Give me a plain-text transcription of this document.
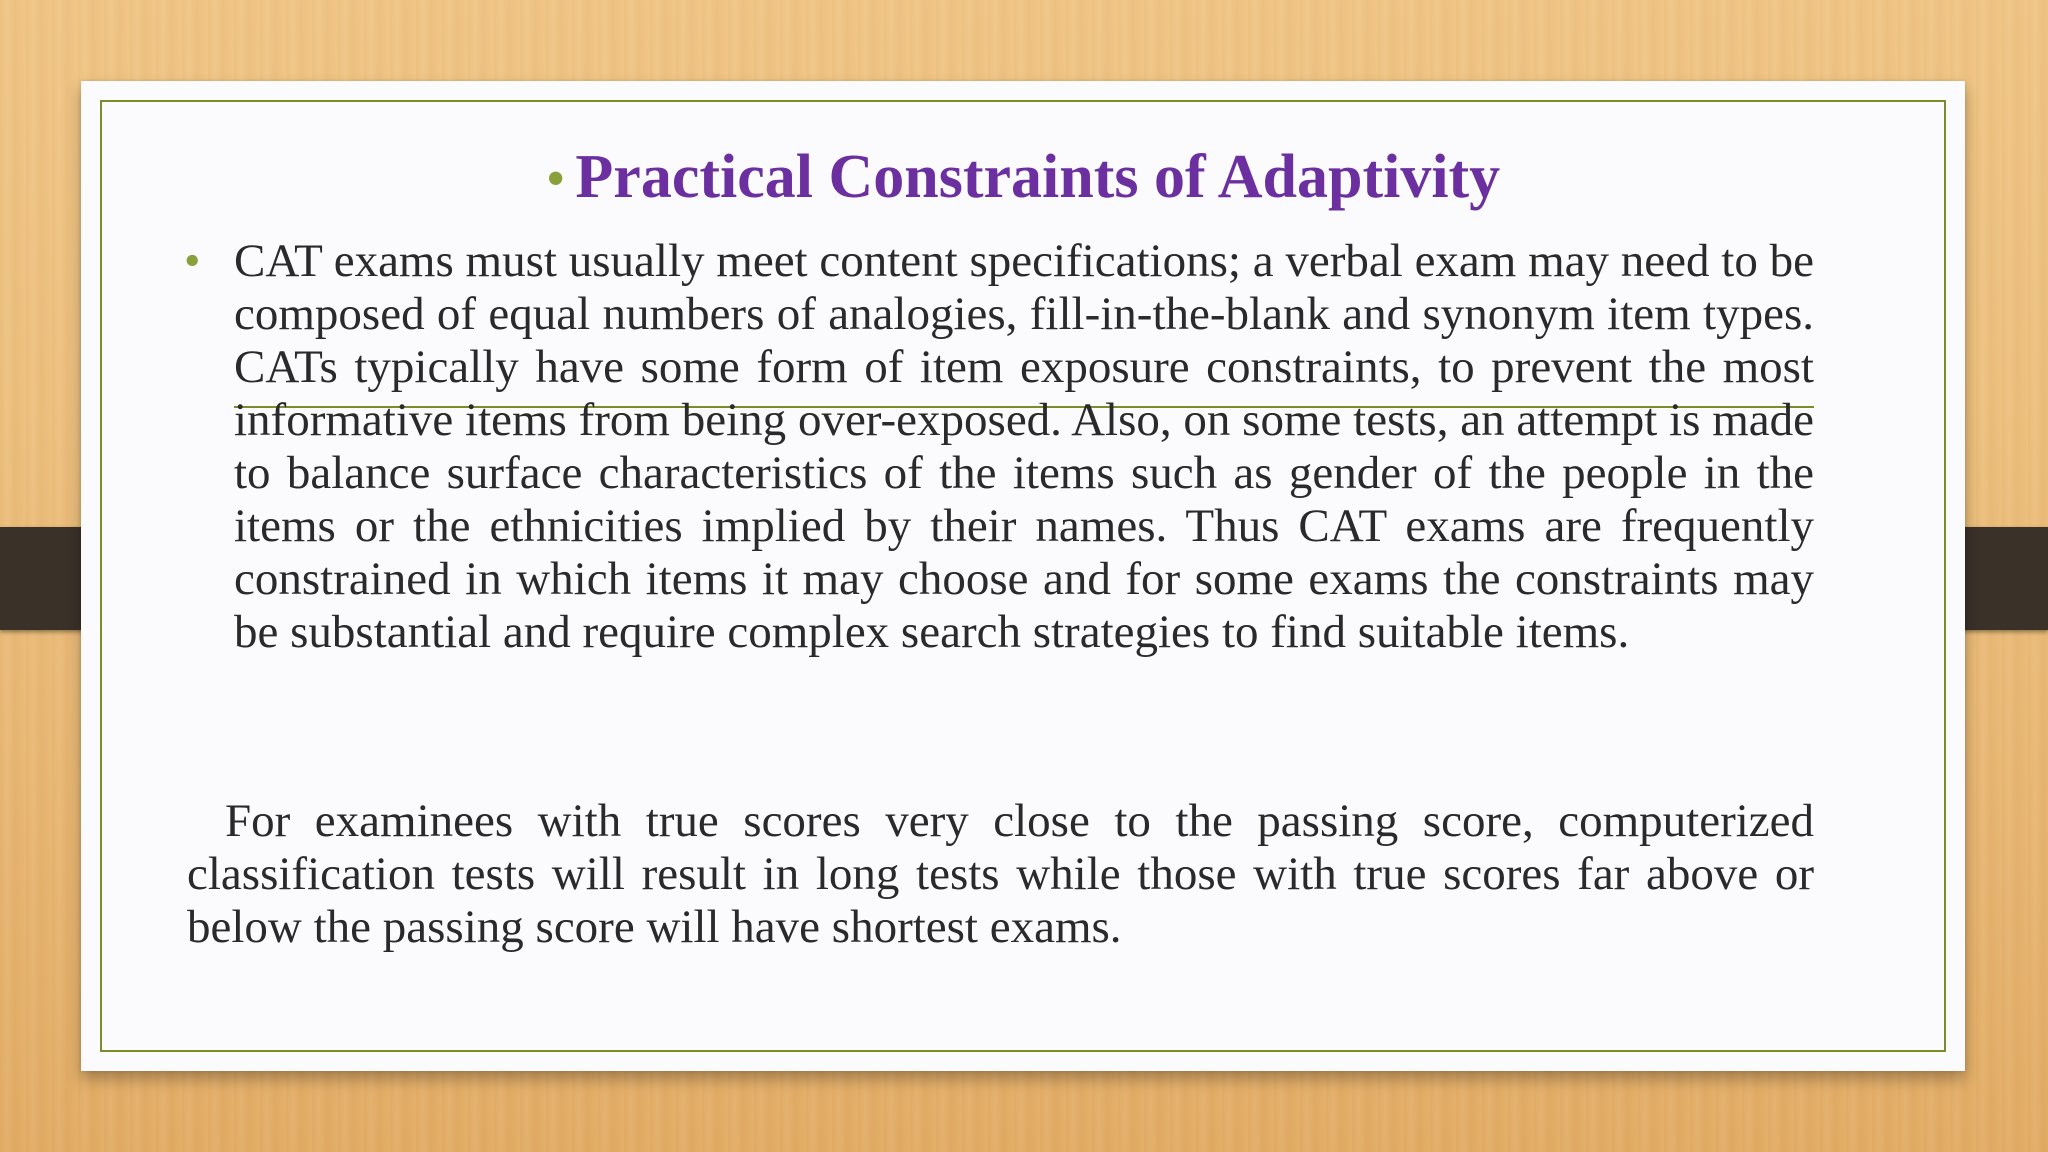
• Practical Constraints of Adaptivity

• CAT exams must usually meet content specifications; a verbal exam may need to be composed of equal numbers of analogies, fill-in-the-blank and synonym item types. CATs typically have some form of item exposure constraints, to prevent the most informative items from being over-exposed. Also, on some tests, an attempt is made to balance surface characteristics of the items such as gender of the people in the items or the ethnicities implied by their names. Thus CAT exams are frequently constrained in which items it may choose and for some exams the constraints may be substantial and require complex search strategies to find suitable items.

For examinees with true scores very close to the passing score, computerized classification tests will result in long tests while those with true scores far above or below the passing score will have shortest exams.
